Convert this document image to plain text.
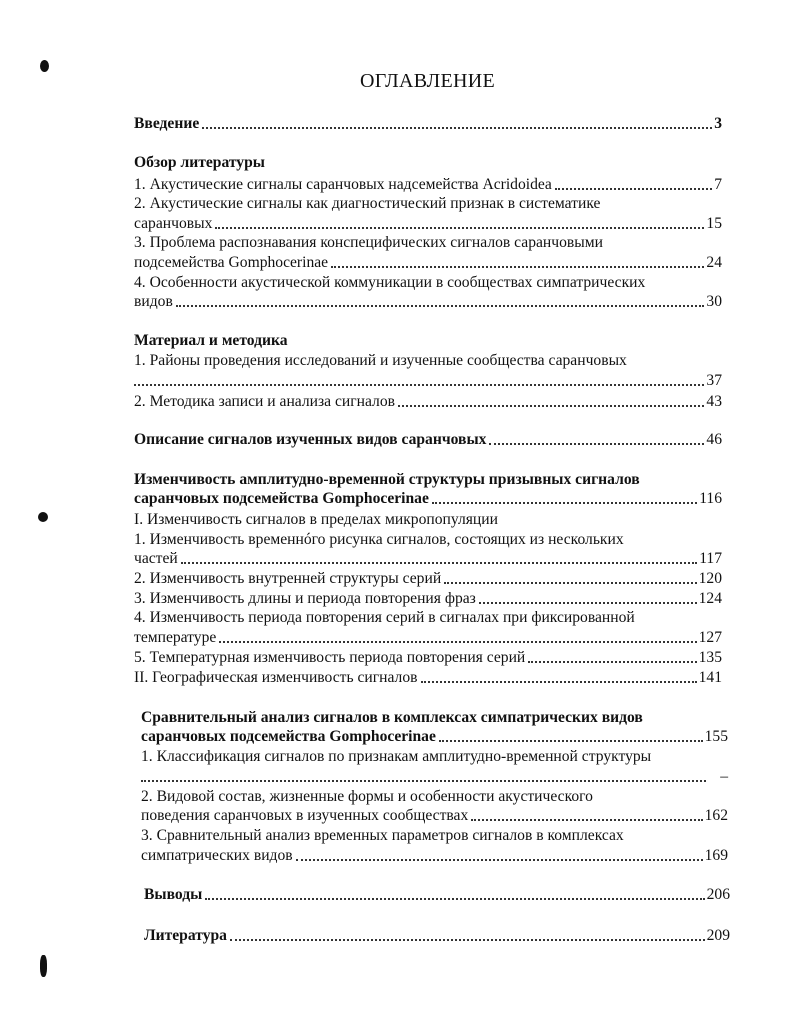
ОГЛАВЛЕНИЕ
Введение	3
Обзор литературы
1. Акустические сигналы саранчовых надсемейства Acridoidea	7
2. Акустические сигналы как диагностический признак в систематике
саранчовых	15
3. Проблема распознавания конспецифических сигналов саранчовыми
подсемейства Gomphocerinae	24
4. Особенности акустической коммуникации в сообществах симпатрических
видов	30
Материал и методика
1. Районы проведения исследований и изученные сообщества саранчовых
37
2. Методика записи и анализа сигналов	43
Описание сигналов изученных видов саранчовых	46
Изменчивость амплитудно-временной структуры призывных сигналов
саранчовых подсемейства Gomphocerinae	116
I. Изменчивость сигналов в пределах микропопуляции
1. Изменчивость временнóго рисунка сигналов, состоящих из нескольких
частей	117
2. Изменчивость внутренней структуры серий	120
3. Изменчивость длины и периода повторения фраз	124
4. Изменчивость периода повторения серий в сигналах при фиксированной
температуре	127
5. Температурная изменчивость периода повторения серий	135
II. Географическая изменчивость сигналов	141
Сравнительный анализ сигналов в комплексах симпатрических видов
саранчовых подсемейства Gomphocerinae	155
1. Классификация сигналов по признакам амплитудно-временной структуры
–
2. Видовой состав, жизненные формы и особенности акустического
поведения саранчовых в изученных сообществах	162
3. Сравнительный анализ временных параметров сигналов в комплексах
симпатрических видов	169
Выводы	206
Литература	209
